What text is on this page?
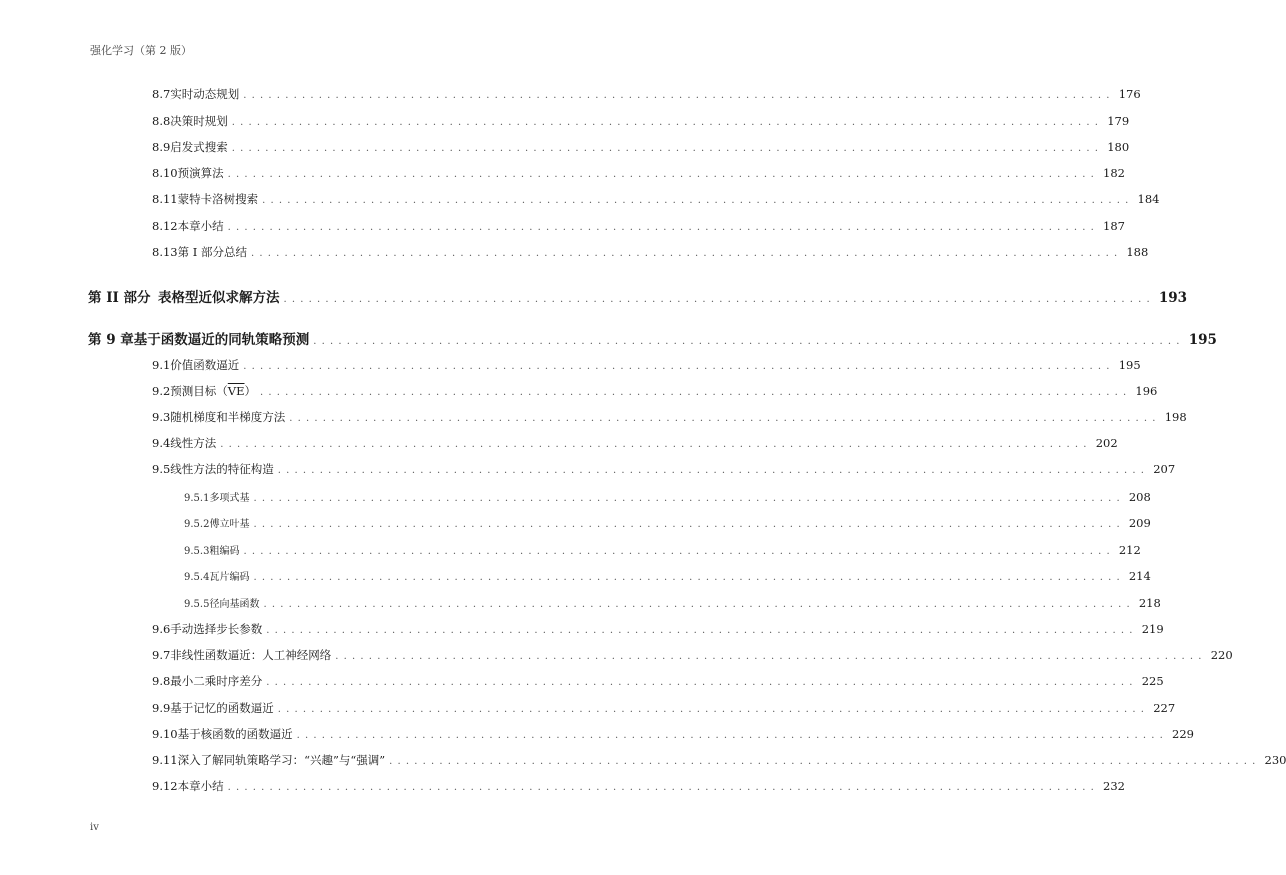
强化学习（第 2 版）
8.7 实时动态规划 ........................................................................................................ 176
8.8 决策时规划 ........................................................................................................ 179
8.9 启发式搜索 ........................................................................................................ 180
8.10 预演算法 ........................................................................................................ 182
8.11 蒙特卡洛树搜索 ........................................................................................................ 184
8.12 本章小结 ........................................................................................................ 187
8.13 第 I 部分总结 ........................................................................................................ 188
第 II 部分 表格型近似求解方法 ........................................................................................................ 193
第 9 章 基于函数逼近的同轨策略预测 ........................................................................................................ 195
9.1 价值函数逼近 ........................................................................................................ 195
9.2 预测目标$(\overline{VE})$ ........................................................................................................ 196
9.3 随机梯度和半梯度方法 ........................................................................................................ 198
9.4 线性方法 ........................................................................................................ 202
9.5 线性方法的特征构造 ........................................................................................................ 207
9.5.1 多项式基 ........................................................................................................ 208
9.5.2 傅立叶基 ........................................................................................................ 209
9.5.3 粗编码 ........................................................................................................ 212
9.5.4 瓦片编码 ........................................................................................................ 214
9.5.5 径向基函数 ........................................................................................................ 218
9.6 手动选择步长参数 ........................................................................................................ 219
9.7 非线性函数逼近：人工神经网络 ........................................................................................................ 220
9.8 最小二乘时序差分 ........................................................................................................ 225
9.9 基于记忆的函数逼近 ........................................................................................................ 227
9.10 基于核函数的函数逼近 ........................................................................................................ 229
9.11 深入了解同轨策略学习：“兴趣”与“强调” ........................................................................................................ 230
9.12 本章小结 ........................................................................................................ 232
iv
